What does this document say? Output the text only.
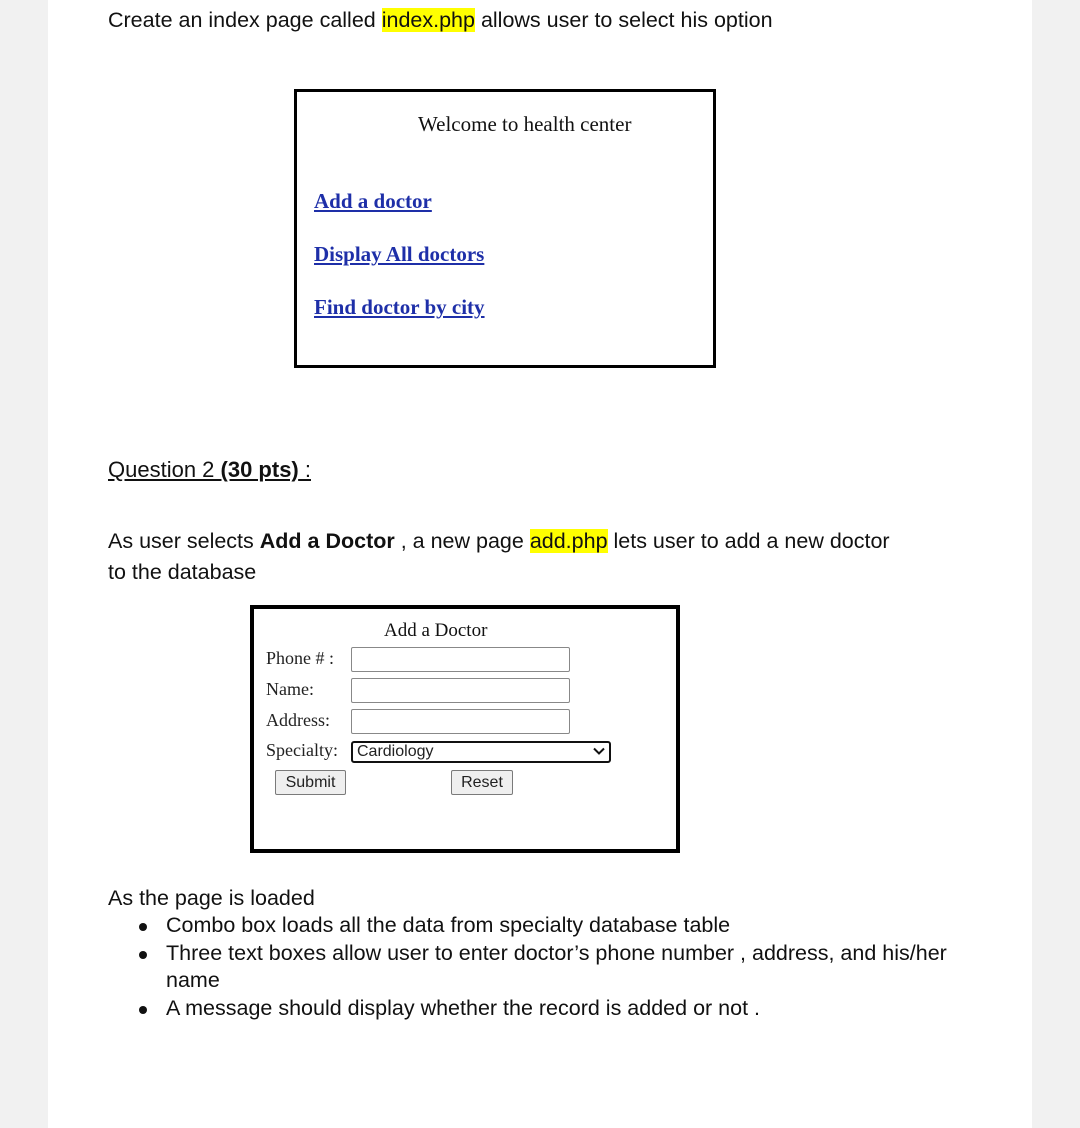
Create an index page called index.php allows user to select his option
Welcome to health center
Add a doctor
Display All doctors
Find doctor by city
Question 2 (30 pts) :
As user selects Add a Doctor , a new page add.php lets user to add a new doctor
to the database
Add a Doctor
Phone # :
Name:
Address:
Specialty:	Cardiology
Submit	Reset
As the page is loaded
Combo box loads all the data from specialty database table
Three text boxes allow user to enter doctor’s phone number , address, and his/her name
A message should display whether the record is added or not .
